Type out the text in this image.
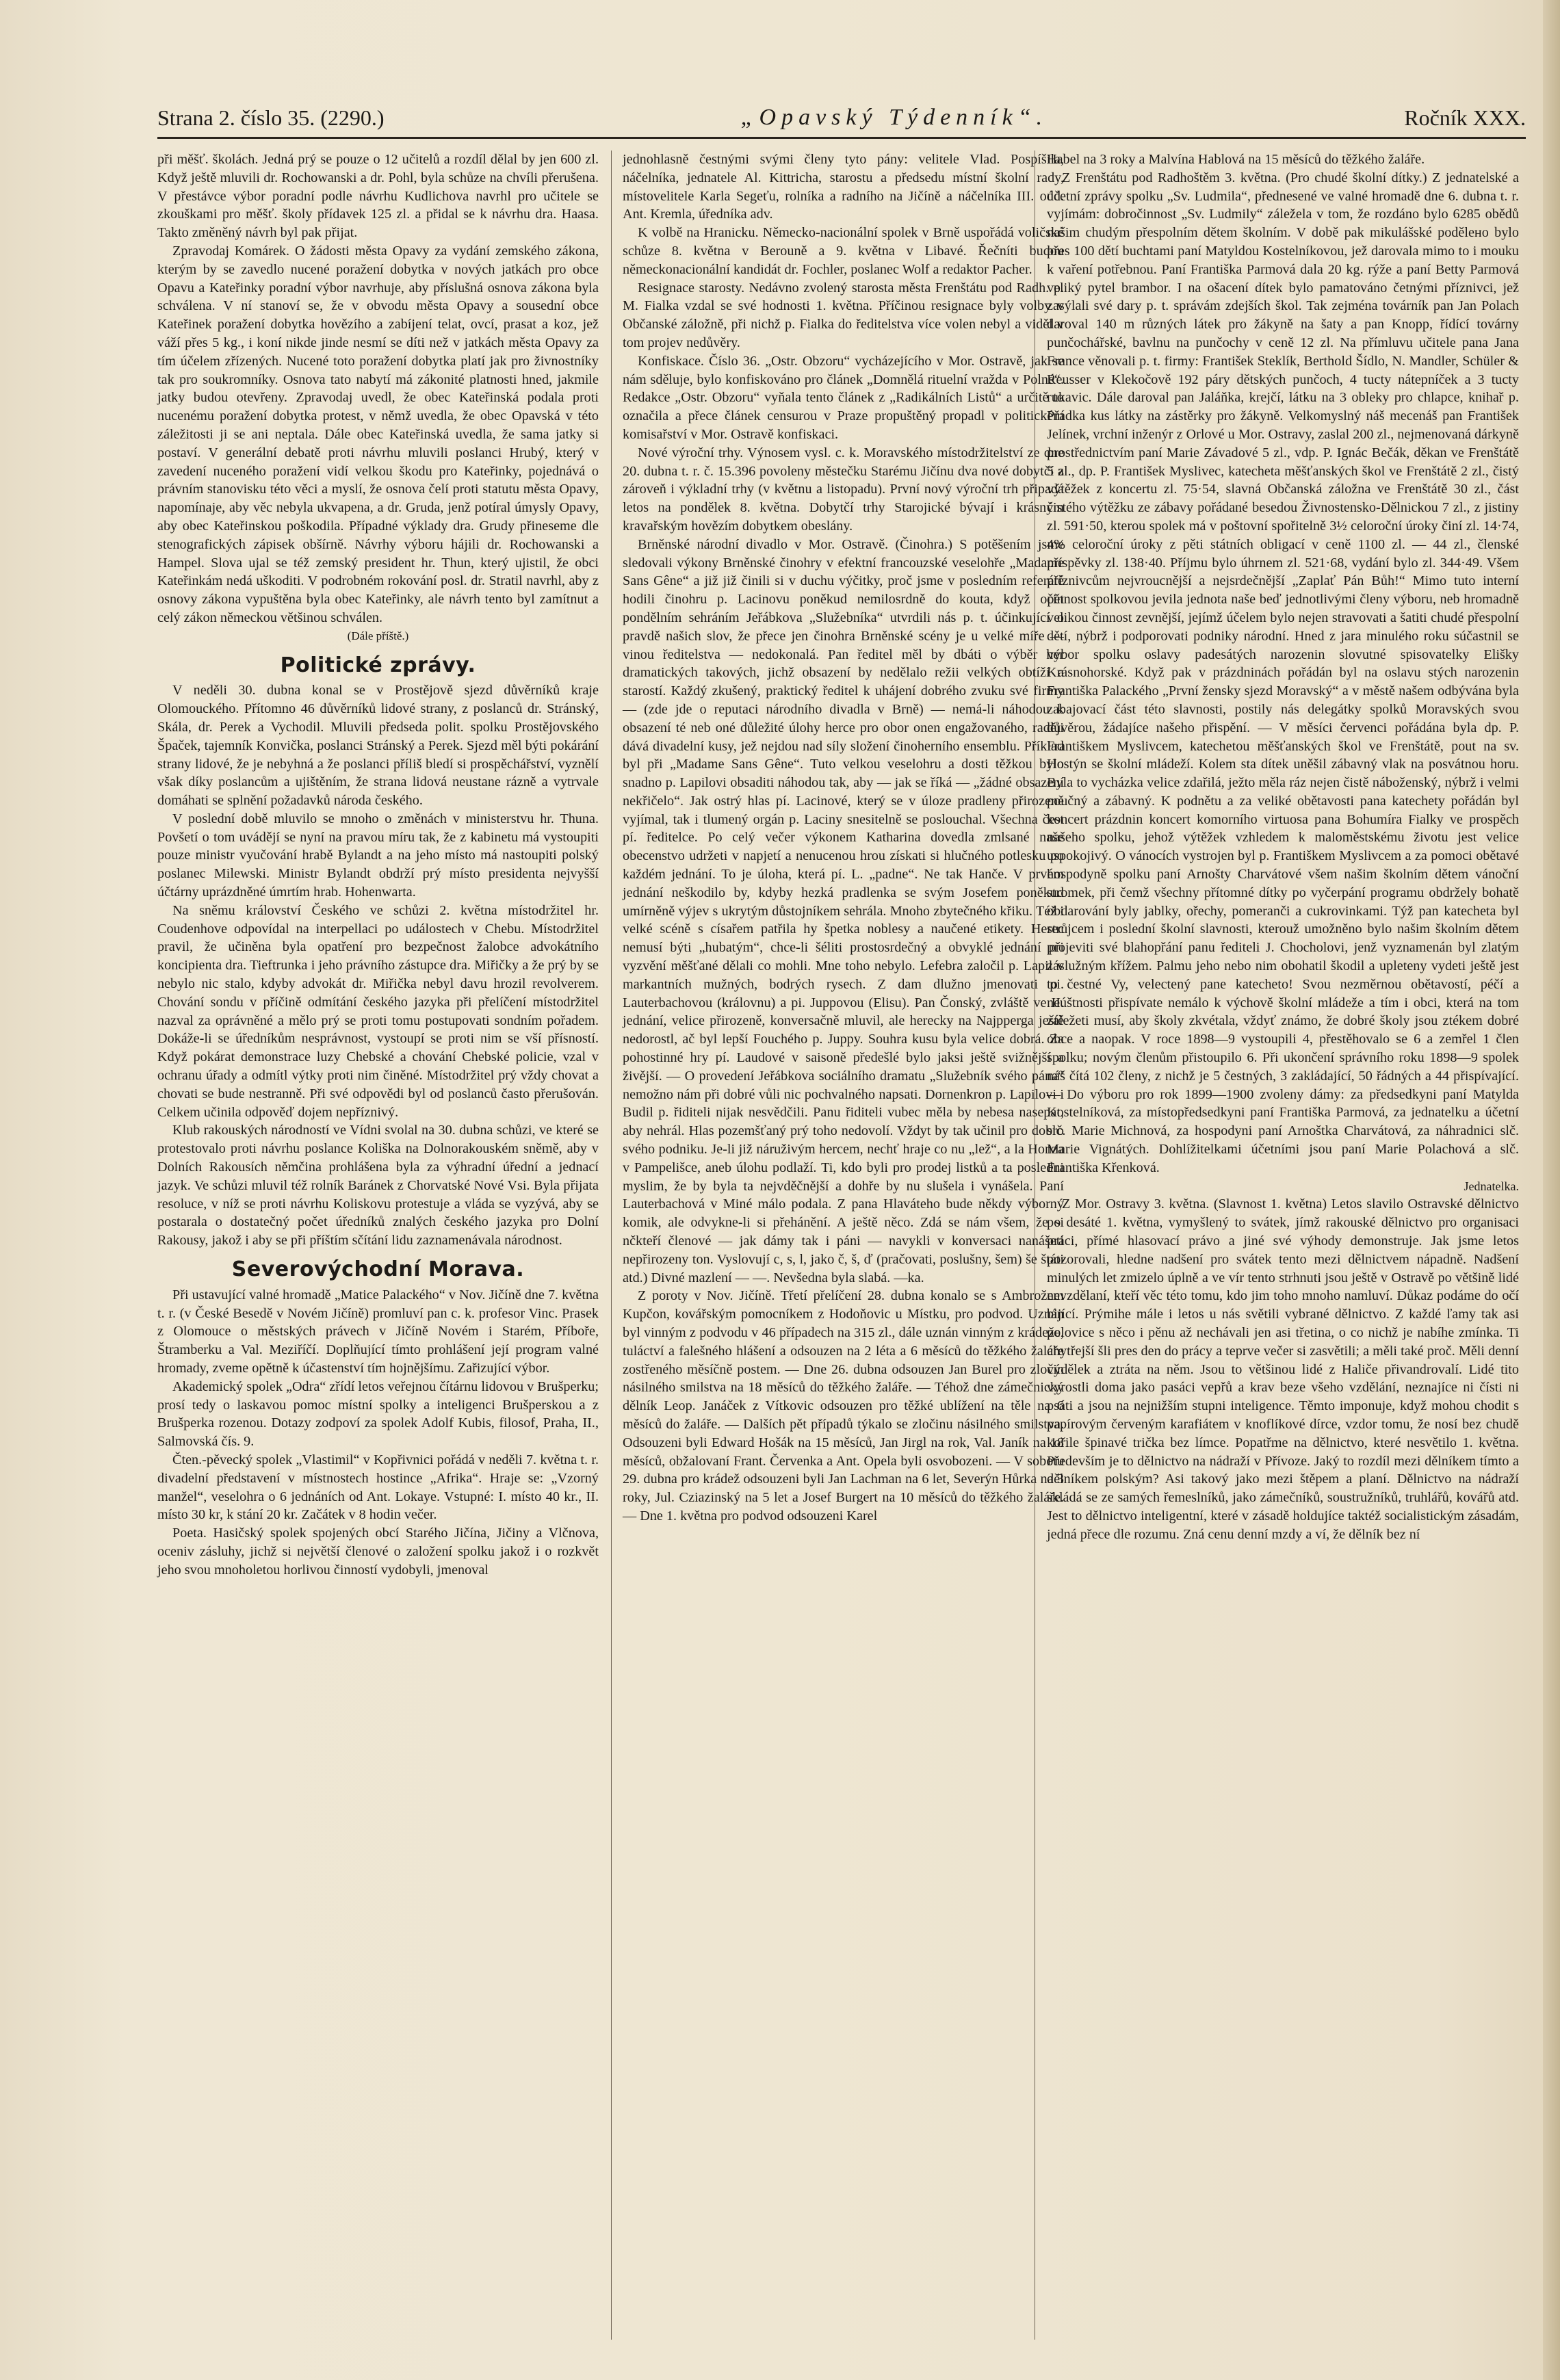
Strana 2. číslo 35. (2290.)	„Opavský Týdenník“.	Ročník XXX.

při měšť. školách. Jedná prý se pouze o 12 učitelů a rozdíl dělal by jen 600 zl. Když ještě mluvili dr. Rochowanski a dr. Pohl, byla schůze na chvíli přerušena. V přestávce výbor poradní podle návrhu Kudlichova navrhl pro učitele se zkouškami pro měšť. školy přídavek 125 zl. a přidal se k návrhu dra. Haasa. Takto změněný návrh byl pak přijat.

Zpravodaj Komárek. O žádosti města Opavy za vydání zemského zákona, kterým by se zavedlo nucené poražení dobytka v nových jatkách pro obce Opavu a Kateřinky poradní výbor navrhuje, aby příslušná osnova zákona byla schválena. V ní stanoví se, že v obvodu města Opavy a sousední obce Kateřinek poražení dobytka hovězího a zabíjení telat, ovcí, prasat a koz, jež váží přes 5 kg., i koní nikde jinde nesmí se díti než v jatkách města Opavy za tím účelem zřízených. Nucené toto poražení dobytka platí jak pro živnostníky tak pro soukromníky. Osnova tato nabytí má zákonité platnosti hned, jakmile jatky budou otevřeny. Zpravodaj uvedl, že obec Kateřinská podala proti nucenému poražení dobytka protest, v němž uvedla, že obec Opavská v této záležitosti ji se ani neptala. Dále obec Kateřinská uvedla, že sama jatky si postaví. V generální debatě proti návrhu mluvili poslanci Hrubý, který v zavedení nuceného poražení vidí velkou škodu pro Kateřinky, pojednává o právním stanovisku této věci a myslí, že osnova čelí proti statutu města Opavy, napomínaje, aby věc nebyla ukvapena, a dr. Gruda, jenž potíral úmysly Opavy, aby obec Kateřinskou poškodila. Případné výklady dra. Grudy přineseme dle stenografických zápisek obšírně. Návrhy výboru hájili dr. Rochowanski a Hampel. Slova ujal se též zemský president hr. Thun, který ujistil, že obci Kateřinkám nedá uškoditi. V podrobném rokování posl. dr. Stratil navrhl, aby z osnovy zákona vypuštěna byla obec Kateřinky, ale návrh tento byl zamítnut a celý zákon německou většinou schválen.

(Dále příště.)
Politické zprávy.

V neděli 30. dubna konal se v Prostějově sjezd důvěrníků kraje Olomouckého. Přítomno 46 důvěrníků lidové strany, z poslanců dr. Stránský, Skála, dr. Perek a Vychodil. Mluvili předseda polit. spolku Prostějovského Špaček, tajemník Konvička, poslanci Stránský a Perek. Sjezd měl býti pokárání strany lidové, že je nebyhná a že poslanci příliš bledí si prospěchářství, vyznělí však díky poslancům a ujištěním, že strana lidová neustane rázně a vytrvale domáhati se splnění požadavků národa českého.

V poslední době mluvilo se mnoho o změnách v ministerstvu hr. Thuna. Povšetí o tom uvádějí se nyní na pravou míru tak, že z kabinetu má vystoupiti pouze ministr vyučování hrabě Bylandt a na jeho místo má nastoupiti polský poslanec Milewski. Ministr Bylandt obdrží prý místo presidenta nejvyšší účtárny uprázdněné úmrtím hrab. Hohenwarta.

Na sněmu království Českého ve schůzi 2. května místodržitel hr. Coudenhove odpovídal na interpellaci po událostech v Chebu. Místodržitel pravil, že učiněna byla opatření pro bezpečnost žalobce advokátního koncipienta dra. Tieftrunka i jeho právního zástupce dra. Miřičky a že prý by se nebylo nic stalo, kdyby advokát dr. Miřička nebyl davu hrozil revolverem. Chování sondu v příčině odmítání českého jazyka při přelíčení místodržitel nazval za oprávněné a mělo prý se proti tomu postupovati sondním pořadem. Dokáže-li se úředníkům nesprávnost, vystoupí se proti nim se vší přísností. Když pokárat demonstrace luzy Chebské a chování Chebské policie, vzal v ochranu úřady a odmítl výtky proti nim činěné. Místodržitel prý vždy chovat a chovati se bude nestranně. Při své odpovědi byl od poslanců často přerušován. Celkem učinila odpověď dojem nepříznivý.

Klub rakouských národností ve Vídni svolal na 30. dubna schůzi, ve které se protestovalo proti návrhu poslance Koliška na Dolnorakouském sněmě, aby v Dolních Rakousích němčina prohlášena byla za výhradní úřední a jednací jazyk. Ve schůzi mluvil též rolník Baránek z Chorvatské Nové Vsi. Byla přijata resoluce, v níž se proti návrhu Koliskovu protestuje a vláda se vyzývá, aby se postarala o dostatečný počet úředníků znalých českého jazyka pro Dolní Rakousy, jakož i aby se při příštím sčítání lidu zaznamenávala národnost.

Severovýchodní Morava.

Při ustavující valné hromadě „Matice Palackého“ v Nov. Jičíně dne 7. května t. r. (v České Besedě v Novém Jičíně) promluví pan c. k. profesor Vinc. Prasek z Olomouce o městských právech v Jičíně Novém i Starém, Příboře, Štramberku a Val. Meziříčí. Doplňující tímto prohlášení její program valné hromady, zveme opětně k účastenství tím hojnějšímu. Zařizující výbor.

Akademický spolek „Odra“ zřídí letos veřejnou čítárnu lidovou v Brušperku; prosí tedy o laskavou pomoc místní spolky a inteligenci Brušperskou a z Brušperka rozenou. Dotazy zodpoví za spolek Adolf Kubis, filosof, Praha, II., Salmovská čís. 9.

Čten.-pěvecký spolek „Vlastimil“ v Kopřivnici pořádá v neděli 7. května t. r. divadelní představení v místnostech hostince „Afrika“. Hraje se: „Vzorný manžel“, veselohra o 6 jednáních od Ant. Lokaye. Vstupné: I. místo 40 kr., II. místo 30 kr, k stání 20 kr. Začátek v 8 hodin večer.

Poeta. Hasičský spolek spojených obcí Starého Jičína, Jičiny a Vlčnova, oceniv zásluhy, jichž si největší členové o založení spolku jakož i o rozkvět jeho svou mnoholetou horlivou činností vydobyli, jmenoval

jednohlasně čestnými svými členy tyto pány: velitele Vlad. Pospíšila, náčelníka, jednatele Al. Kittricha, starostu a předsedu místní školní rady, místovelitele Karla Segeťu, rolníka a radního na Jičíně a náčelníka III. odd. Ant. Kremla, úředníka adv.

K volbě na Hranicku. Německo-nacionální spolek v Brně uspořádá voličské schůze 8. května v Berouně a 9. května v Libavé. Řečníti budou německonacionální kandidát dr. Fochler, poslanec Wolf a redaktor Pacher.

Resignace starosty. Nedávno zvolený starosta města Frenštátu pod Radh. p. M. Fialka vzdal se své hodnosti 1. května. Příčinou resignace byly volby v Občanské záložně, při nichž p. Fialka do ředitelstva více volen nebyl a viděl v tom projev nedůvěry.

Konfiskace. Číslo 36. „Ostr. Obzoru“ vycházejícího v Mor. Ostravě, jak se nám sděluje, bylo konfiskováno pro článek „Domnělá rituelní vražda v Polné“. Redakce „Ostr. Obzoru“ vyňala tento článek z „Radikálních Listů“ a určitě to označila a přece článek censurou v Praze propuštěný propadl v politickém komisařství v Mor. Ostravě konfiskaci.

Nové výroční trhy. Výnosem vysl. c. k. Moravského místodržitelství ze dne 20. dubna t. r. č. 15.396 povoleny městečku Starému Jičínu dva nové dobytčí a zároveň i výkladní trhy (v květnu a listopadu). První nový výroční trh připadá letos na pondělek 8. května. Dobytčí trhy Starojické bývají i krásným kravařským hovězím dobytkem obeslány.

Brněnské národní divadlo v Mor. Ostravě. (Činohra.) S potěšením jsme sledovali výkony Brněnské činohry v efektní francouzské veselohře „Madame Sans Gêne“ a již již činili si v duchu výčitky, proč jsme v posledním referátě hodili činohru p. Lacinovu poněkud nemilosrdně do kouta, když opět pondělním sehráním Jeřábkova „Služebníka“ utvrdili nás p. t. účinkující o pravdě našich slov, že přece jen činohra Brněnské scény je u velké míře — vinou ředitelstva — nedokonalá. Pan ředitel měl by dbáti o výběr her dramatických takových, jichž obsazení by nedělalo režii velkých obtíží a starostí. Každý zkušený, praktický ředitel k uhájení dobrého zvuku své firmy — (zde jde o reputaci národního divadla v Brně) — nemá-li náhodou k obsazení té neb oné důležité úlohy herce pro obor onen engažovaného, raději dává divadelní kusy, jež nejdou nad síly složení činoherního ensemblu. Příklad byl při „Madame Sans Gêne“. Tuto velkou veselohru a dosti těžkou bylo snadno p. Lapilovi obsaditi náhodou tak, aby — jak se říká — „žádné obsazení nekřičelo“. Jak ostrý hlas pí. Lacinové, který se v úloze pradleny přirozeně vyjímal, tak i tlumený orgán p. Laciny snesitelně se poslouchal. Všechna čest pí. ředitelce. Po celý večer výkonem Katharina dovedla zmlsané naše obecenstvo udržeti v napjetí a nenucenou hrou získati si hlučného potlesku po každém jednání. To je úloha, která pí. L. „padne“. Ne tak Hanče. V prvém jednání neškodilo by, kdyby hezká pradlenka se svým Josefem poněkud umírněně výjev s ukrytým důstojníkem sehrála. Mnoho zbytečného křiku. Též i velké scéně s císařem patřila hy špetka noblesy a naučené etikety. Herec nemusí býti „hubatým“, chce-li šéliti prostosrdečný a obvyklé jednání při vyzvění měšťané dělali co mohli. Mne toho nebylo. Lefebra zaločil p. Lapil v markantních mužných, bodrých rysech. Z dam dlužno jmenovati pi. Lauterbachovou (královnu) a pi. Juppovou (Elisu). Pan Čonský, zvláště ve II. jednání, velice přirozeně, konversačně mluvil, ale herecky na Najpperga ještě nedorostl, ač byl lepší Fouchého p. Juppy. Souhra kusu byla velice dobrá. Za pohostinné hry pí. Laudové v saisoně předešlé bylo jaksi ještě svižnější a živější. — O provedení Jeřábkova sociálního dramatu „Služebník svého pána“ nemožno nám při dobré vůli nic pochvalného napsati. Dornenkron p. Lapilovi i Budil p. řiditeli nijak nesvědčili. Panu řiditeli vubec měla by nebesa nasepat, aby nehrál. Hlas pozemšťaný prý toho nedovolí. Vždyt by tak učinil pro dobro svého podniku. Je-li již náruživým hercem, nechť hraje co nu „lež“, a la Honza v Pampelišce, aneb úlohu podlaží. Ti, kdo byli pro prodej listků a ta posledni myslim, že by byla ta nejvděčnější a dohře by nu slušela i vynášela. Paní Lauterbachová v Miné málo podala. Z pana Hlaváteho bude někdy výborný komik, ale odvykne-li si přehánění. A ještě něco. Zdá se nám všem, že si nčkteří členové — jak dámy tak i páni — navykli v konversaci nanášeti nepřirozeny ton. Vyslovují c, s, l, jako č, š, ď (pračovati, poslušny, šem) še štáti atd.) Divné mazlení — —. Nevšedna byla slabá. —ka.

Z poroty v Nov. Jičíně. Třetí přelíčení 28. dubna konalo se s Ambrožem Kupčon, kovářským pomocníkem z Hodoňovic u Místku, pro podvod. Uznán byl vinným z podvodu v 46 případech na 315 zl., dále uznán vinným z krádeže, tuláctví a falešného hlášení a odsouzen na 2 léta a 6 měsíců do těžkého žaláře zostřeného měsíčně postem. — Dne 26. dubna odsouzen Jan Burel pro zločin násilného smilstva na 18 měsíců do těžkého žaláře. — Téhož dne zámečnický dělník Leop. Janáček z Vítkovic odsouzen pro těžké ublížení na těle na 6 měsíců do žaláře. — Dalších pět případů týkalo se zločinu násilného smilstva. Odsouzeni byli Edward Hošák na 15 měsíců, Jan Jirgl na rok, Val. Janík na 18 měsíců, obžalovaní Frant. Červenka a Ant. Opela byli osvobozeni. — V sobotu 29. dubna pro krádež odsouzeni byli Jan Lachman na 6 let, Severýn Hůrka na 3 roky, Jul. Cziazinský na 5 let a Josef Burgert na 10 měsíců do těžkého žaláře. — Dne 1. května pro podvod odsouzeni Karel

Habel na 3 roky a Malvína Hablová na 15 měsíců do těžkého žaláře.

Z Frenštátu pod Radhoštěm 3. května. (Pro chudé školní dítky.) Z jednatelské a účetní zprávy spolku „Sv. Ludmila“, přednesené ve valné hromadě dne 6. dubna t. r. vyjímám: dobročinnost „Sv. Ludmily“ záležela v tom, že rozdáno bylo 6285 obědů našim chudým přespolním dětem školním. V době pak mikulášské podělено bylo přes 100 dětí buchtami paní Matyldou Kostelníkovou, jež darovala mimo to i mouku k vaření potřebnou. Paní Františka Parmová dala 20 kg. rýže a paní Betty Parmová veliký pytel brambor. I na ošacení dítek bylo pamatováno četnými příznivci, jež zasýlali své dary p. t. správám zdejších škol. Tak zejména továrník pan Jan Polach daroval 140 m různých látek pro žákyně na šaty a pan Knopp, řídící továrny punčochářské, bavlnu na punčochy v ceně 12 zl. Na přímluvu učitele pana Jana France věnovali p. t. firmy: František Steklík, Berthold Šídlo, N. Mandler, Schüler & Reusser v Klekočově 192 páry dětských punčoch, 4 tucty nátepníček a 3 tucty rukavic. Dále daroval pan Jaláňka, krejčí, látku na 3 obleky pro chlapce, knihař p. Přádka kus látky na zástěrky pro žákyně. Velkomyslný náš mecenáš pan František Jelínek, vrchní inženýr z Orlové u Mor. Ostravy, zaslal 200 zl., nejmenovaná dárkyně prostřednictvím paní Marie Závadové 5 zl., vdp. P. Ignác Bečák, děkan ve Frenštátě 5 zl., dp. P. František Myslivec, katecheta měšťanských škol ve Frenštátě 2 zl., čistý výtěžek z koncertu zl. 75·54, slavná Občanská záložna ve Frenštátě 30 zl., část čistého výtěžku ze zábavy pořádané besedou Živnostensko-Dělnickou 7 zl., z jistiny zl. 591·50, kterou spolek má v poštovní spořitelně 3½ celoroční úroky činí zl. 14·74, 4% celoroční úroky z pěti státních obligací v ceně 1100 zl. — 44 zl., členské příspěvky zl. 138·40. Příjmu bylo úhrnem zl. 521·68, vydání bylo zl. 344·49. Všem příznivcům nejvroucnější a nejsrdečnější „Zaplať Pán Bůh!“ Mimo tuto interní činnost spolkovou jevila jednota naše beď jednotlivými členy výboru, neb hromadně velikou činnost zevnější, jejímž účelem bylo nejen stravovati a šatiti chudé přespolní dětí, nýbrž i podporovati podniky národní. Hned z jara minulého roku súčastnil se výbor spolku oslavy padesátých narozenin slovutné spisovatelky Elišky Krásnohorské. Když pak v prázdninách pořádán byl na oslavu stých narozenin Františka Palackého „První žensky sjezd Moravský“ a v městě našem odbývána byla zabajovací část této slavnosti, postily nás delegátky spolků Moravských svou důvěrou, žádajíce našeho přispění. — V měsíci červenci pořádána byla dp. P. Františkem Myslivcem, katechetou měšťanských škol ve Frenštátě, pout na sv. Hostýn se školní mládeží. Kolem sta dítek uněšil zábavný vlak na posvátnou horu. Byla to vycházka velice zdařilá, ježto měla ráz nejen čistě náboženský, nýbrž i velmi poučný a zábavný. K podnětu a za veliké obětavosti pana katechety pořádán byl koncert prázdnin koncert komorního virtuosa pana Bohumíra Fialky ve prospěch našeho spolku, jehož výtěžek vzhledem k maloměstskému životu jest velice uspokojivý. O vánocích vystrojen byl p. Františkem Myslivcem a za pomoci obětavé hospodyně spolku paní Arnošty Charvátové všem našim školním dětem vánoční stromek, při čemž všechny přítomné dítky po vyčerpání programu obdržely bohatě obdarování byly jablky, ořechy, pomeranči a cukrovinkami. Týž pan katecheta byl strůjcem i poslední školní slavnosti, kterouž umožněno bylo našim školním dětem projeviti své blahopřání panu řediteli J. Chocholovi, jenž vyznamenán byl zlatým záslužným křížem. Palmu jeho nebo nim obohatil škodil a upleteny vydeti ještě jest to čestné Vy, velectený pane katecheto! Svou nezměrnou obětavostí, péčí a neúštnosti přispívate nemálo k výchově školní mládeže a tím i obci, která na tom záležeti musí, aby školy zkvétala, vždyť známo, že dobré školy jsou ztékem dobré obce a naopak. V roce 1898—9 vystoupili 4, přestěhovalo se 6 a zemřel 1 člen spolku; novým členům přistoupilo 6. Při ukončení správního roku 1898—9 spolek náš čítá 102 členy, z nichž je 5 čestných, 3 zakládající, 50 řádných a 44 přispívající. — Do výboru pro rok 1899—1900 zvoleny dámy: za předsedkyni paní Matylda Kostelníková, za místopředsedkyni paní Františka Parmová, za jednatelku a účetní slč. Marie Michnová, za hospodyni paní Arnoštka Charvátová, za náhradnici slč. Marie Vignátých. Dohlížitelkami účetními jsou paní Marie Polachová a slč. Františka Křenková.

Jednatelka.

Z Mor. Ostravy 3. května. (Slavnost 1. května) Letos slavilo Ostravské dělnictvo po desáté 1. května, vymyšlený to svátek, jímž rakouské dělnictvo pro organisaci práci, přímé hlasovací právo a jiné své výhody demonstruje. Jak jsme letos pozorovali, hledne nadšení pro svátek tento mezi dělnictvem nápadně. Nadšení minulých let zmizelo úplně a ve vír tento strhnuti jsou ještě v Ostravě po většině lidé nevzdělaní, kteří věc této tomu, kdo jim toho mnoho namluví. Důkaz podáme do očí bijící. Prýmihe mále i letos u nás světili vybrané dělnictvo. Z každé ľamy tak asi polovice s něco i pěnu až nechávali jen asi třetina, o co nichž je nabíhe zmínka. Ti chytřejší šli pres den do prácy a teprve večer si zasvětili; a měli také proč. Měli denní výdělek a ztráta na něm. Jsou to většinou lidé z Haliče přivandrovalí. Lidé tito vyrostli doma jako pasáci vepřů a krav beze všeho vzdělání, neznajíce ni čísti ni psáti a jsou na nejnižším stupni inteligence. Těmto imponuje, když mohou chodit s papírovým červeným karafiátem v knoflíkové dírce, vzdor tomu, že nosí bez chudě kořile špinavé trička bez límce. Popatřme na dělnictvo, které nesvětilo 1. května. Především je to dělnictvo na nádraží v Přívoze. Jaký to rozdíl mezi dělníkem tímto a dělníkem polským? Asi takový jako mezi štěpem a planí. Dělnictvo na nádraží skládá se ze samých řemeslníků, jako zámečníků, soustružníků, truhlářů, kovářů atd. Jest to dělnictvo inteligentní, které v zásadě holdujíce taktéž socialistickým zásadám, jedná přece dle rozumu. Zná cenu denní mzdy a ví, že dělník bez ní
